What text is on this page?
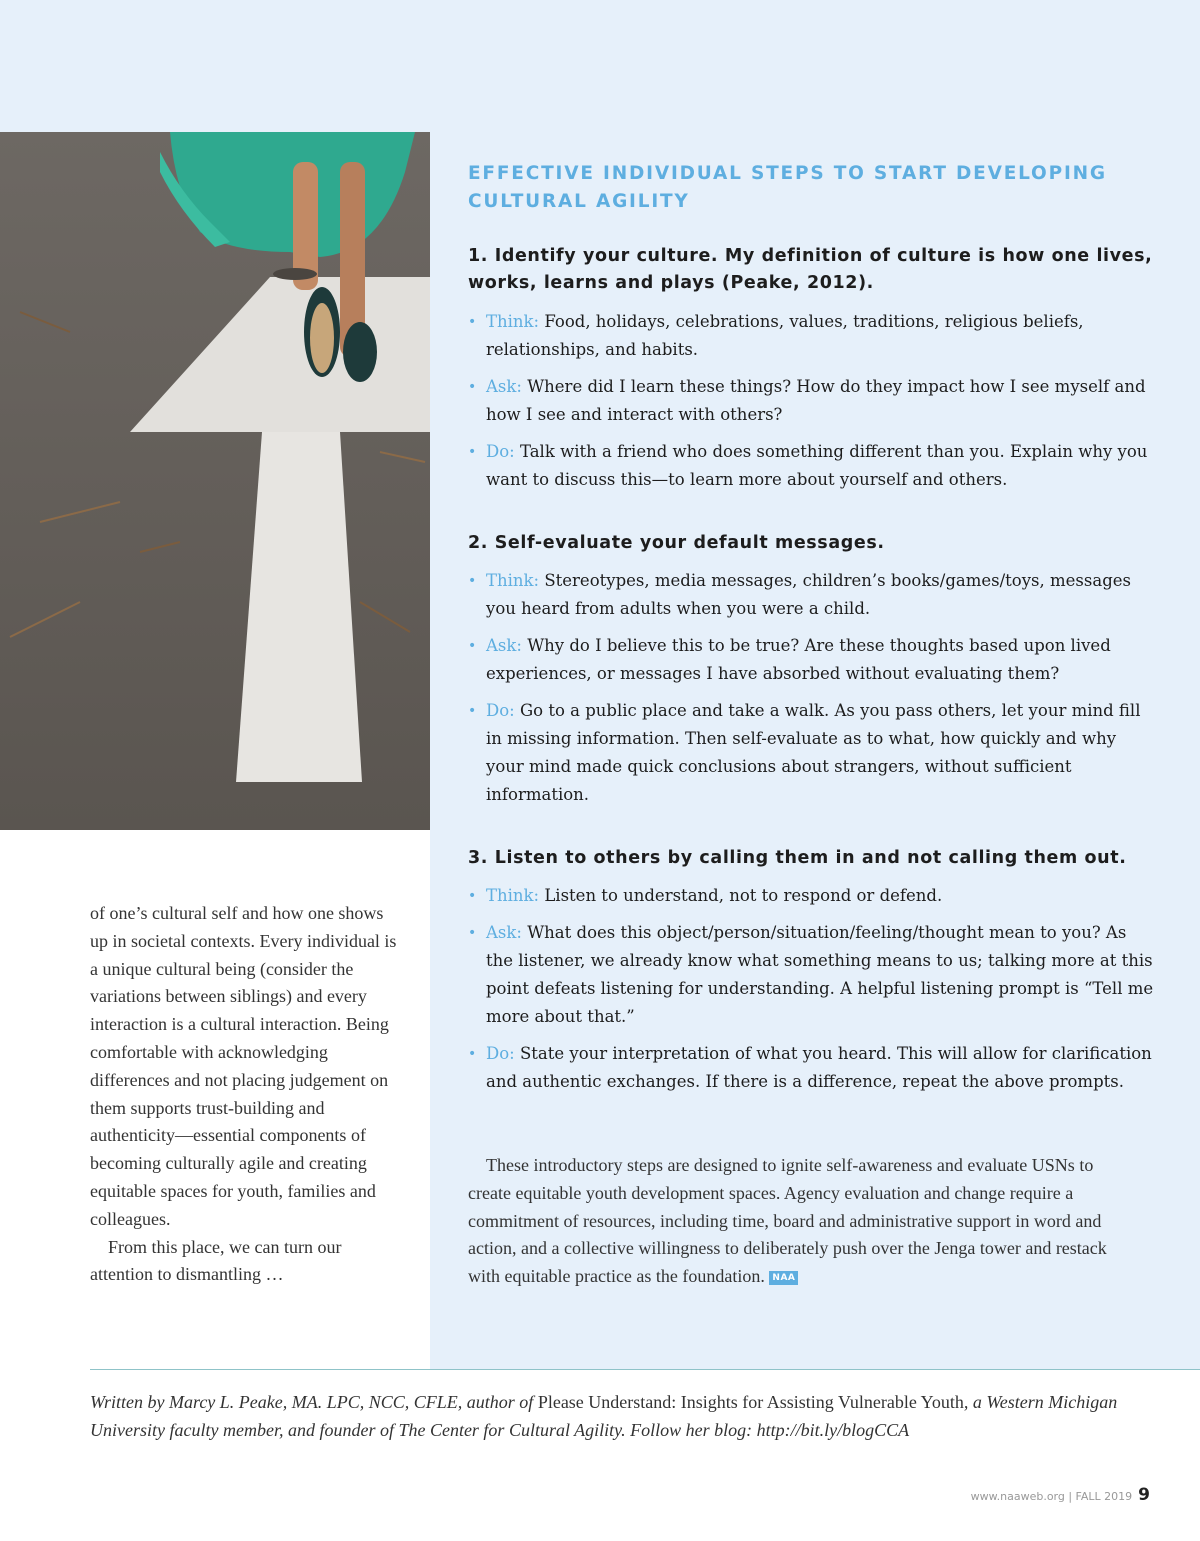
EFFECTIVE INDIVIDUAL STEPS TO START DEVELOPING
CULTURAL AGILITY
1. Identify your culture. My definition of culture is how one lives,
works, learns and plays (Peake, 2012).
• Think: Food, holidays, celebrations, values, traditions, religious beliefs, relationships, and habits.
• Ask: Where did I learn these things? How do they impact how I see myself and how I see and interact with others?
• Do: Talk with a friend who does something different than you. Explain why you want to discuss this—to learn more about yourself and others.
2. Self-evaluate your default messages.
• Think: Stereotypes, media messages, children’s books/games/toys, messages you heard from adults when you were a child.
• Ask: Why do I believe this to be true? Are these thoughts based upon lived experiences, or messages I have absorbed without evaluating them?
• Do: Go to a public place and take a walk. As you pass others, let your mind fill in missing information. Then self-evaluate as to what, how quickly and why your mind made quick conclusions about strangers, without sufficient information.
3. Listen to others by calling them in and not calling them out.
• Think: Listen to understand, not to respond or defend.
• Ask: What does this object/person/situation/feeling/thought mean to you? As the listener, we already know what something means to us; talking more at this point defeats listening for understanding. A helpful listening prompt is “Tell me more about that.”
• Do: State your interpretation of what you heard. This will allow for clarification and authentic exchanges. If there is a difference, repeat the above prompts.

These introductory steps are designed to ignite self-awareness and evaluate USNs to create equitable youth development spaces. Agency evaluation and change require a commitment of resources, including time, board and administrative support in word and action, and a collective willingness to deliberately push over the Jenga tower and restack with equitable practice as the foundation. NAA

of one’s cultural self and how one shows up in societal contexts. Every individual is a unique cultural being (consider the variations between siblings) and every interaction is a cultural interaction. Being comfortable with acknowledging differences and not placing judgement on them supports trust-building and authenticity—essential components of becoming culturally agile and creating equitable spaces for youth, families and colleagues.

From this place, we can turn our attention to dismantling …

Written by Marcy L. Peake, MA. LPC, NCC, CFLE, author of Please Understand: Insights for Assisting Vulnerable Youth, a Western Michigan University faculty member, and founder of The Center for Cultural Agility. Follow her blog: http://bit.ly/blogCCA

www.naaweb.org | FALL 2019 9
